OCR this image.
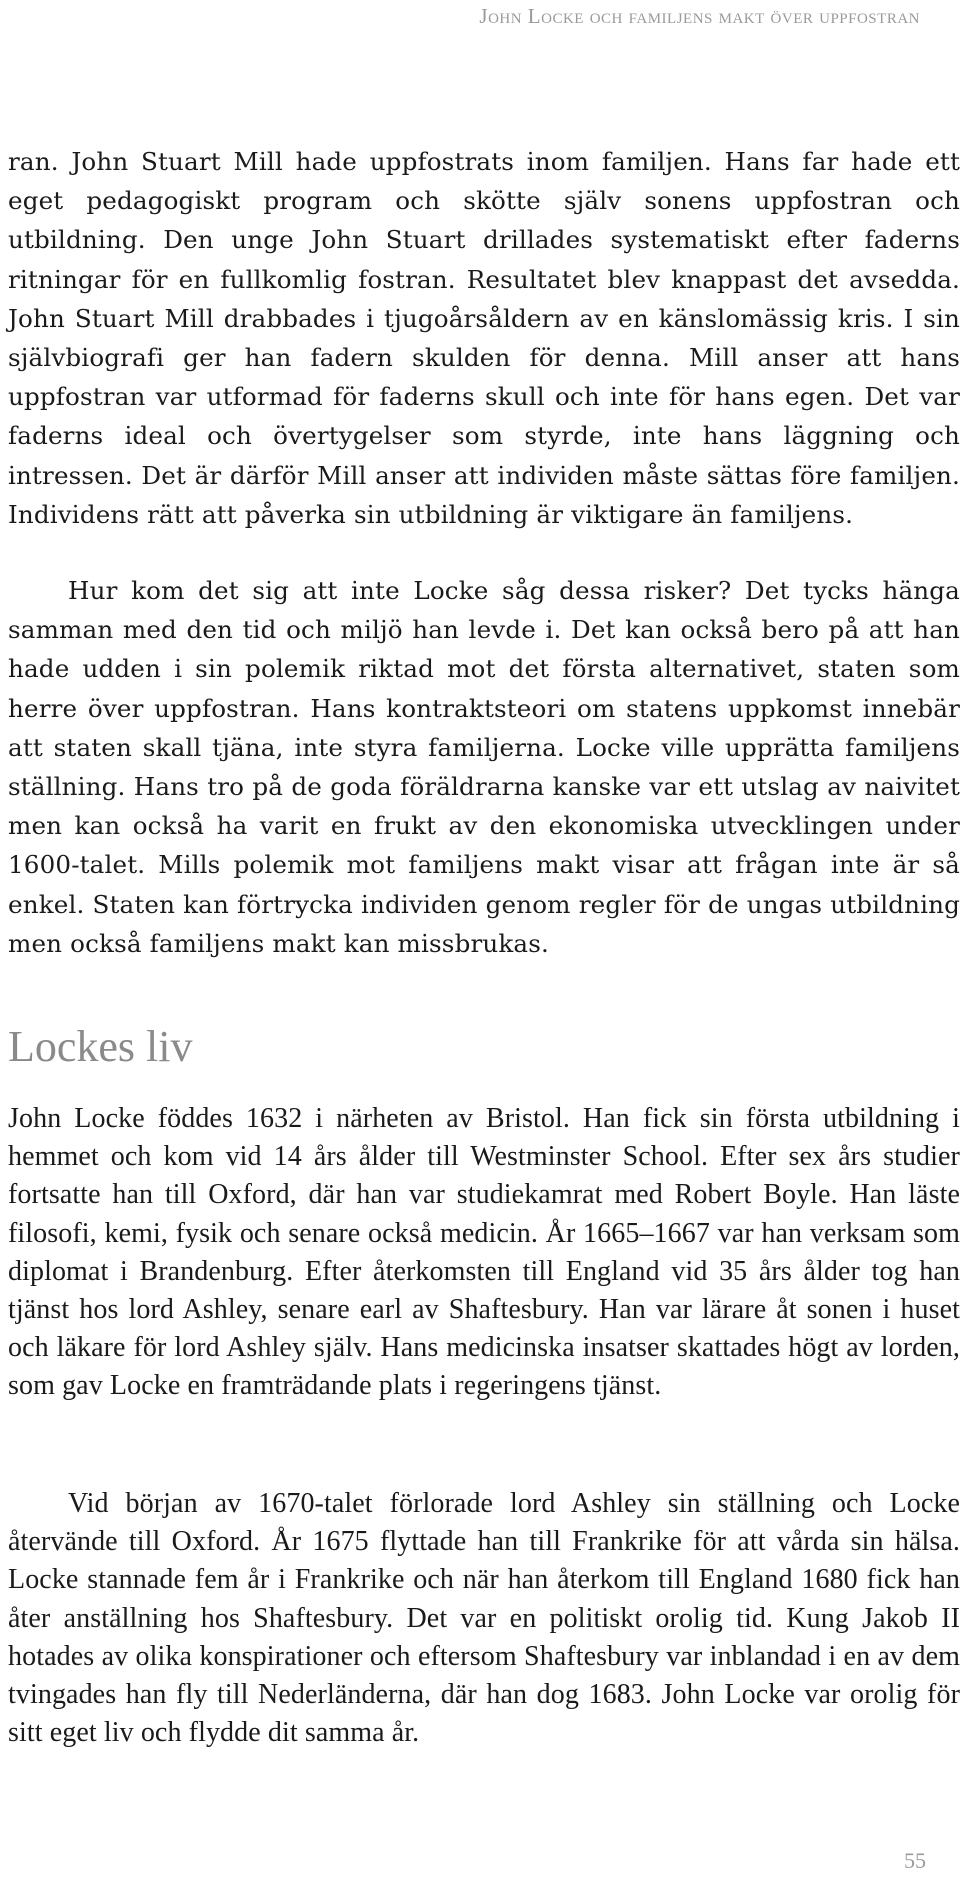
John Locke och familjens makt över uppfostran

ran. John Stuart Mill hade uppfostrats inom familjen. Hans far hade ett eget pedagogiskt program och skötte själv sonens uppfostran och utbildning. Den unge John Stuart drillades systematiskt efter faderns ritningar för en fullkomlig fostran. Resultatet blev knappast det avsedda. John Stuart Mill drabbades i tjugoårsåldern av en känslomässig kris. I sin självbiografi ger han fadern skulden för denna. Mill anser att hans uppfostran var utformad för faderns skull och inte för hans egen. Det var faderns ideal och övertygelser som styrde, inte hans läggning och intressen. Det är därför Mill anser att individen måste sättas före familjen. Individens rätt att påverka sin utbildning är viktigare än familjens.

Hur kom det sig att inte Locke såg dessa risker? Det tycks hänga samman med den tid och miljö han levde i. Det kan också bero på att han hade udden i sin polemik riktad mot det första alternativet, staten som herre över uppfostran. Hans kontraktsteori om statens uppkomst innebär att staten skall tjäna, inte styra familjerna. Locke ville upprätta familjens ställning. Hans tro på de goda föräldrarna kanske var ett utslag av naivitet men kan också ha varit en frukt av den ekonomiska utvecklingen under 1600-talet. Mills polemik mot familjens makt visar att frågan inte är så enkel. Staten kan förtrycka individen genom regler för de ungas utbildning men också familjens makt kan missbrukas.

Lockes liv

John Locke föddes 1632 i närheten av Bristol. Han fick sin första utbildning i hemmet och kom vid 14 års ålder till Westminster School. Efter sex års studier fortsatte han till Oxford, där han var studiekamrat med Robert Boyle. Han läste filosofi, kemi, fysik och senare också medicin. År 1665–1667 var han verksam som diplomat i Brandenburg. Efter återkomsten till England vid 35 års ålder tog han tjänst hos lord Ashley, senare earl av Shaftesbury. Han var lärare åt sonen i huset och läkare för lord Ashley själv. Hans medicinska insatser skattades högt av lorden, som gav Locke en framträdande plats i regeringens tjänst.

Vid början av 1670-talet förlorade lord Ashley sin ställning och Locke återvände till Oxford. År 1675 flyttade han till Frankrike för att vårda sin hälsa. Locke stannade fem år i Frankrike och när han återkom till England 1680 fick han åter anställning hos Shaftesbury. Det var en politiskt orolig tid. Kung Jakob II hotades av olika konspirationer och eftersom Shaftesbury var inblandad i en av dem tvingades han fly till Nederländerna, där han dog 1683. John Locke var orolig för sitt eget liv och flydde dit samma år.

55
